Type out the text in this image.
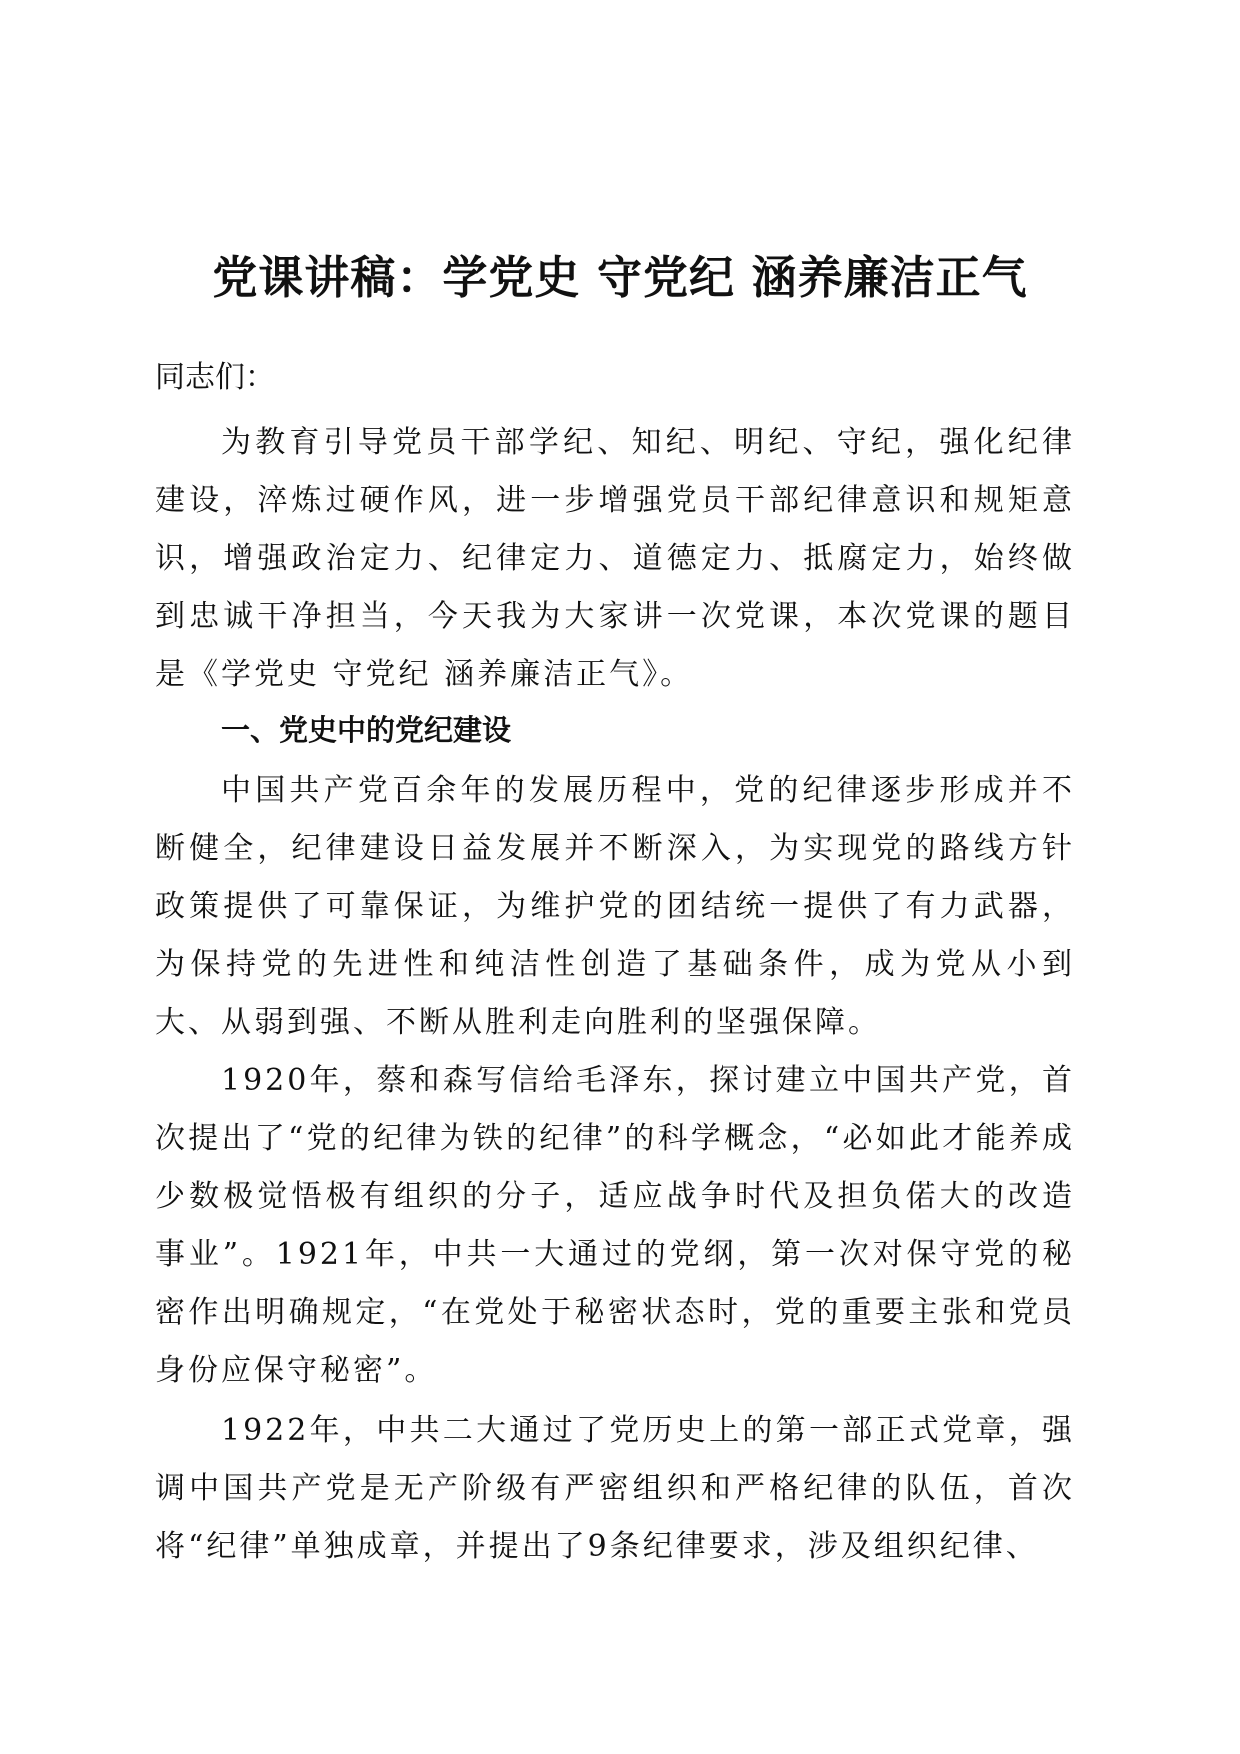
党课讲稿：学党史 守党纪 涵养廉洁正气
同志们：

为教育引导党员干部学纪、知纪、明纪、守纪，强化纪律建设，淬炼过硬作风，进一步增强党员干部纪律意识和规矩意识，增强政治定力、纪律定力、道德定力、抵腐定力，始终做到忠诚干净担当，今天我为大家讲一次党课，本次党课的题目是《学党史 守党纪 涵养廉洁正气》。

一、党史中的党纪建设

中国共产党百余年的发展历程中，党的纪律逐步形成并不断健全，纪律建设日益发展并不断深入，为实现党的路线方针政策提供了可靠保证，为维护党的团结统一提供了有力武器，为保持党的先进性和纯洁性创造了基础条件，成为党从小到大、从弱到强、不断从胜利走向胜利的坚强保障。

1920年，蔡和森写信给毛泽东，探讨建立中国共产党，首次提出了“党的纪律为铁的纪律”的科学概念，“必如此才能养成少数极觉悟极有组织的分子，适应战争时代及担负偌大的改造事业”。1921年，中共一大通过的党纲，第一次对保守党的秘密作出明确规定，“在党处于秘密状态时，党的重要主张和党员身份应保守秘密”。

1922年，中共二大通过了党历史上的第一部正式党章，强调中国共产党是无产阶级有严密组织和严格纪律的队伍，首次将“纪律”单独成章，并提出了9条纪律要求，涉及组织纪律、
